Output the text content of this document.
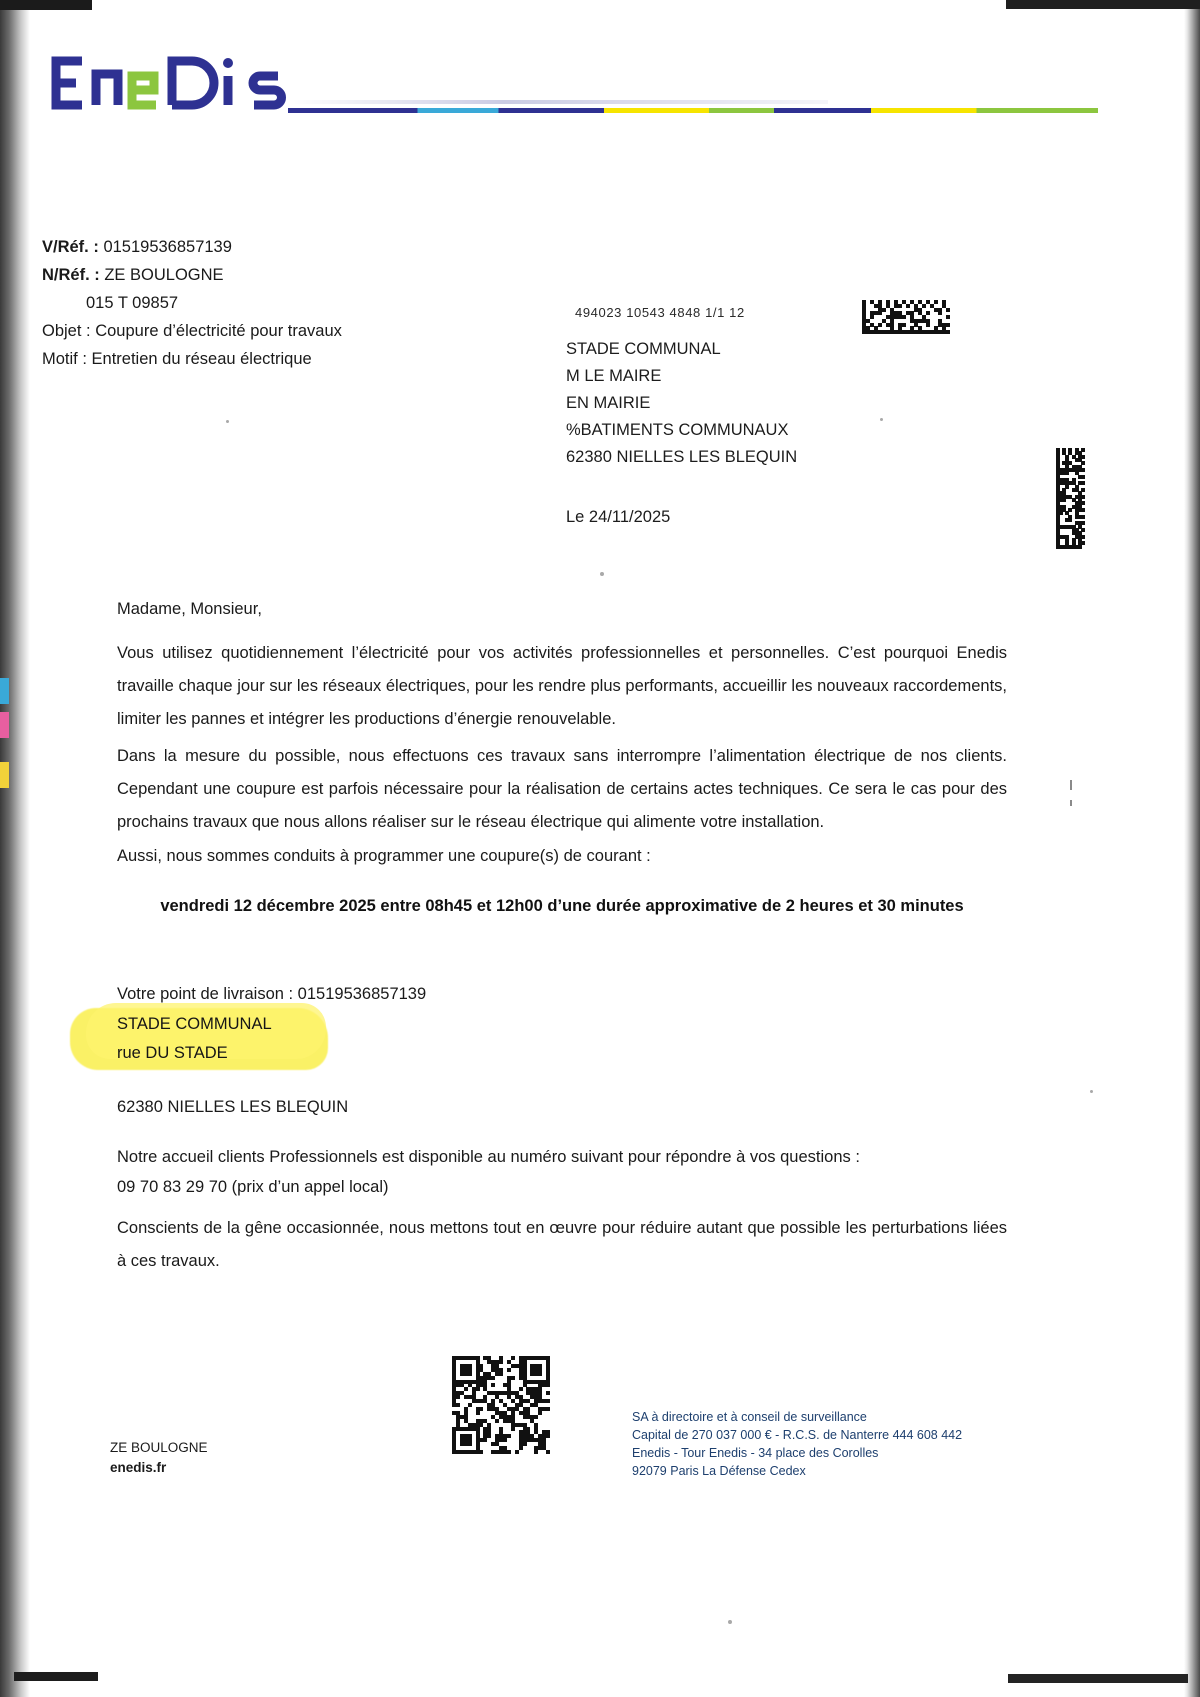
V/Réf. : 01519536857139
N/Réf. : ZE BOULOGNE
015 T 09857
Objet : Coupure d’électricité pour travaux
Motif : Entretien du réseau électrique
494023 10543 4848 1/1 12
STADE COMMUNAL
M LE MAIRE
EN MAIRIE
%BATIMENTS COMMUNAUX
62380 NIELLES LES BLEQUIN
Le 24/11/2025
Madame, Monsieur,
Vous utilisez quotidiennement l’électricité pour vos activités professionnelles et personnelles. C’est pourquoi Enedis travaille chaque jour sur les réseaux électriques, pour les rendre plus performants, accueillir les nouveaux raccordements, limiter les pannes et intégrer les productions d’énergie renouvelable.
Dans la mesure du possible, nous effectuons ces travaux sans interrompre l’alimentation électrique de nos clients. Cependant une coupure est parfois nécessaire pour la réalisation de certains actes techniques. Ce sera le cas pour des prochains travaux que nous allons réaliser sur le réseau électrique qui alimente votre installation.
Aussi, nous sommes conduits à programmer une coupure(s) de courant :
vendredi 12 décembre 2025 entre 08h45 et 12h00 d’une durée approximative de 2 heures et 30 minutes
Votre point de livraison : 01519536857139
STADE COMMUNAL
rue DU STADE
62380 NIELLES LES BLEQUIN
Notre accueil clients Professionnels est disponible au numéro suivant pour répondre à vos questions :
09 70 83 29 70 (prix d’un appel local)
Conscients de la gêne occasionnée, nous mettons tout en œuvre pour réduire autant que possible les perturbations liées à ces travaux.
ZE BOULOGNE
enedis.fr
SA à directoire et à conseil de surveillance
Capital de 270 037 000 € - R.C.S. de Nanterre 444 608 442
Enedis - Tour Enedis - 34 place des Corolles
92079 Paris La Défense Cedex
